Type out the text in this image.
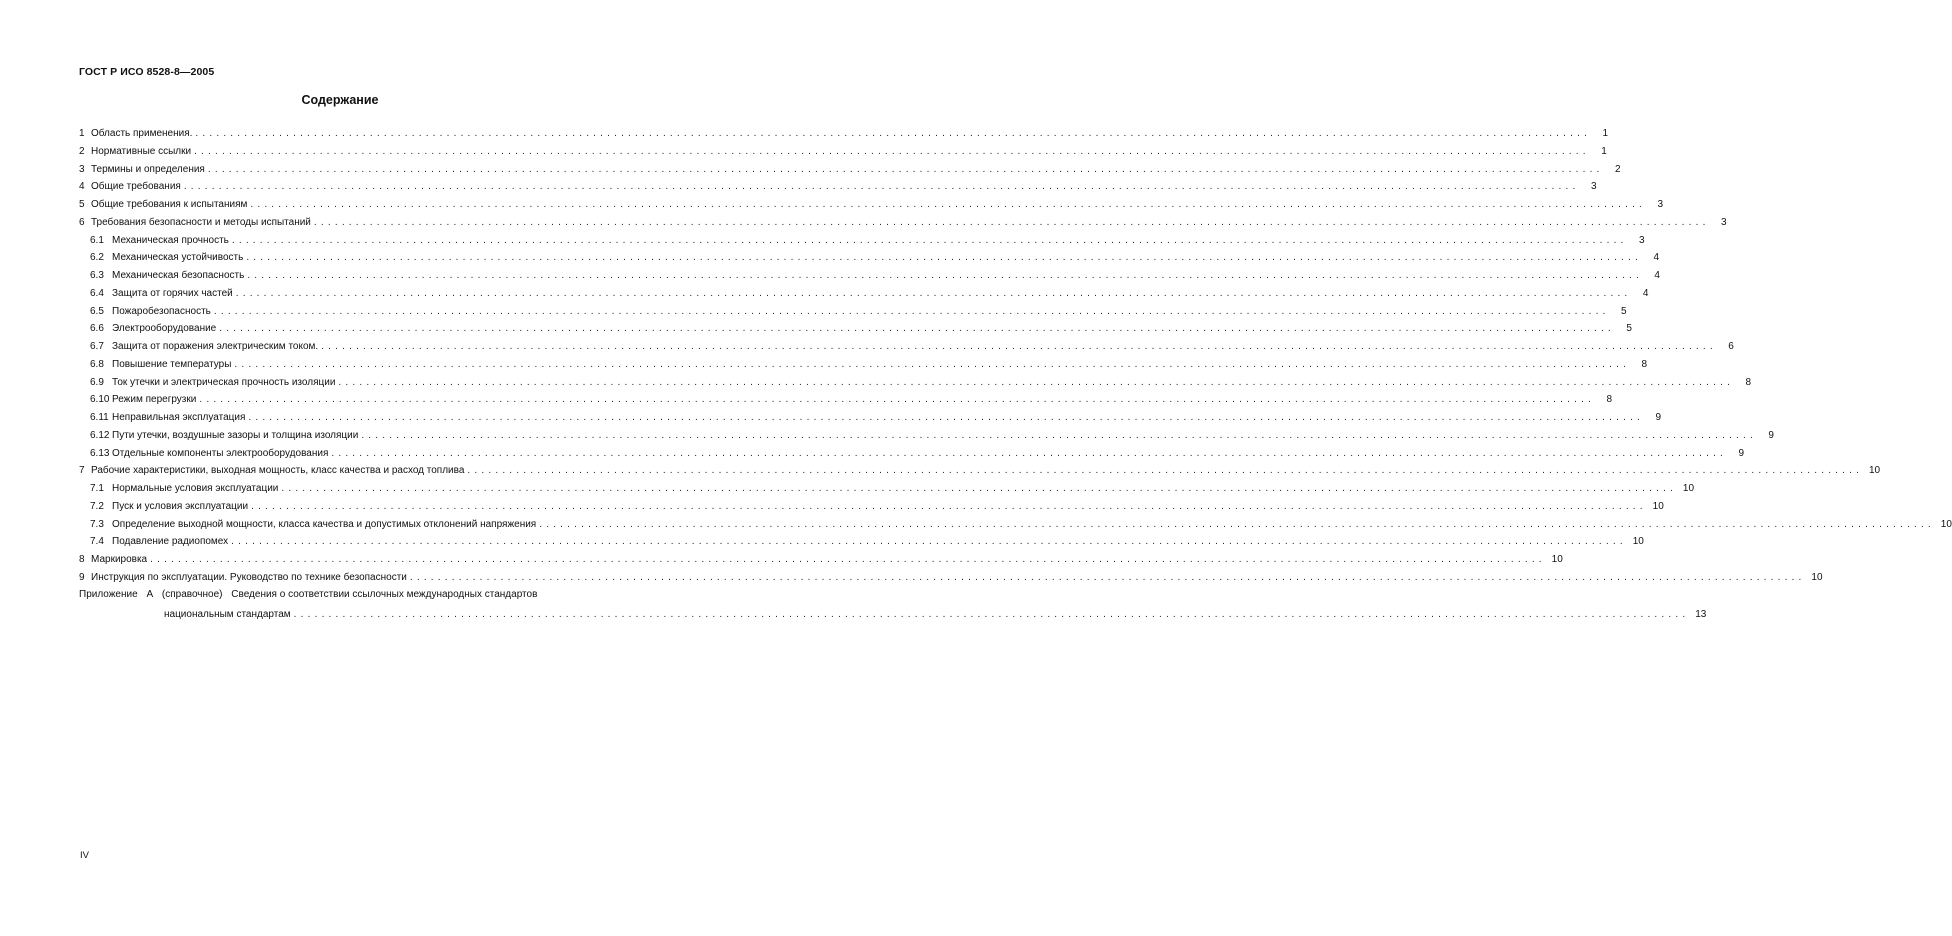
ГОСТ Р ИСО 8528-8—2005
Содержание
1 Область применения. ........................................................................................................................................................................................................	1
2 Нормативные ссылки ........................................................................................................................................................................................................	1
3 Термины и определения ........................................................................................................................................................................................................	2
4 Общие требования ........................................................................................................................................................................................................	3
5 Общие требования к испытаниям ........................................................................................................................................................................................................	3
6 Требования безопасности и методы испытаний ........................................................................................................................................................................................................	3
6.1 Механическая прочность ........................................................................................................................................................................................................	3
6.2 Механическая устойчивость ........................................................................................................................................................................................................	4
6.3 Механическая безопасность ........................................................................................................................................................................................................	4
6.4 Защита от горячих частей ........................................................................................................................................................................................................	4
6.5 Пожаробезопасность ........................................................................................................................................................................................................	5
6.6 Электрооборудование ........................................................................................................................................................................................................	5
6.7 Защита от поражения электрическим током. ........................................................................................................................................................................................................	6
6.8 Повышение температуры ........................................................................................................................................................................................................	8
6.9 Ток утечки и электрическая прочность изоляции ........................................................................................................................................................................................................	8
6.10 Режим перегрузки ........................................................................................................................................................................................................	8
6.11 Неправильная эксплуатация ........................................................................................................................................................................................................	9
6.12 Пути утечки, воздушные зазоры и толщина изоляции ........................................................................................................................................................................................................	9
6.13 Отдельные компоненты электрооборудования ........................................................................................................................................................................................................	9
7 Рабочие характеристики, выходная мощность, класс качества и расход топлива ........................................................................................................................................................................................................ 10
7.1 Нормальные условия эксплуатации ........................................................................................................................................................................................................ 10
7.2 Пуск и условия эксплуатации ........................................................................................................................................................................................................ 10
7.3 Определение выходной мощности, класса качества и допустимых отклонений напряжения ........................................................................................................................................................................................................ 10
7.4 Подавление радиопомех ........................................................................................................................................................................................................ 10
8 Маркировка ........................................................................................................................................................................................................ 10
9 Инструкция по эксплуатации. Руководство по технике безопасности ........................................................................................................................................................................................................ 10
Приложение А (справочное) Сведения о соответствии ссылочных международных стандартов
национальным стандартам ........................................................................................................................................................................................................ 13
IV
